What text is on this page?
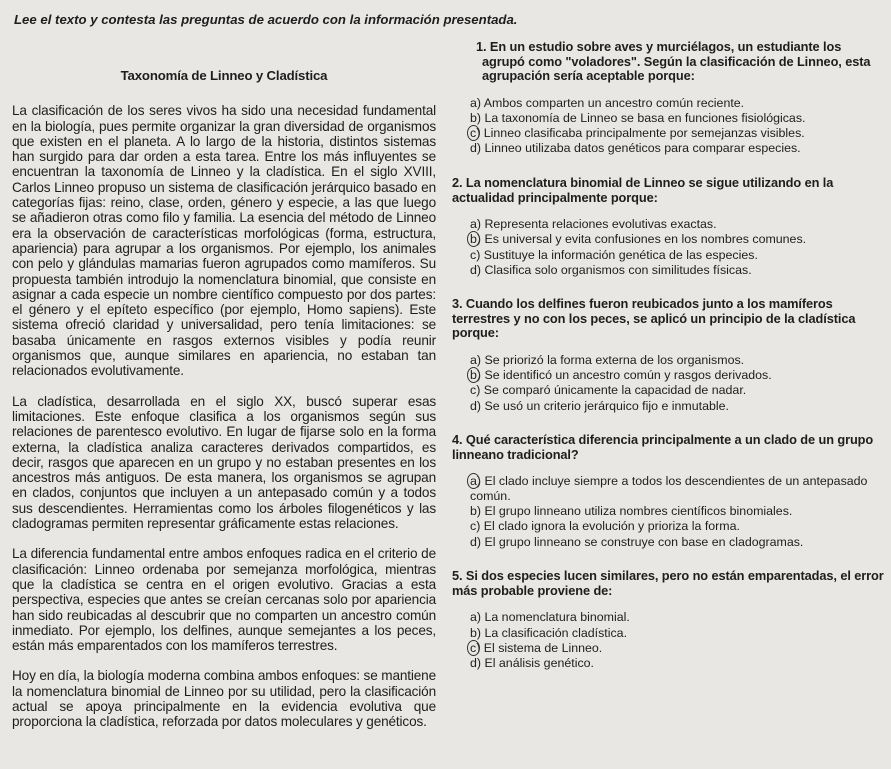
Lee el texto y contesta las preguntas de acuerdo con la información presentada.
Taxonomía de Linneo y Cladística

La clasificación de los seres vivos ha sido una necesidad fundamental en la biología, pues permite organizar la gran diversidad de organismos que existen en el planeta. A lo largo de la historia, distintos sistemas han surgido para dar orden a esta tarea. Entre los más influyentes se encuentran la taxonomía de Linneo y la cladística. En el siglo XVIII, Carlos Linneo propuso un sistema de clasificación jerárquico basado en categorías fijas: reino, clase, orden, género y especie, a las que luego se añadieron otras como filo y familia. La esencia del método de Linneo era la observación de características morfológicas (forma, estructura, apariencia) para agrupar a los organismos. Por ejemplo, los animales con pelo y glándulas mamarias fueron agrupados como mamíferos. Su propuesta también introdujo la nomenclatura binomial, que consiste en asignar a cada especie un nombre científico compuesto por dos partes: el género y el epíteto específico (por ejemplo, Homo sapiens). Este sistema ofreció claridad y universalidad, pero tenía limitaciones: se basaba únicamente en rasgos externos visibles y podía reunir organismos que, aunque similares en apariencia, no estaban tan relacionados evolutivamente.

La cladística, desarrollada en el siglo XX, buscó superar esas limitaciones. Este enfoque clasifica a los organismos según sus relaciones de parentesco evolutivo. En lugar de fijarse solo en la forma externa, la cladística analiza caracteres derivados compartidos, es decir, rasgos que aparecen en un grupo y no estaban presentes en los ancestros más antiguos. De esta manera, los organismos se agrupan en clados, conjuntos que incluyen a un antepasado común y a todos sus descendientes. Herramientas como los árboles filogenéticos y las cladogramas permiten representar gráficamente estas relaciones.

La diferencia fundamental entre ambos enfoques radica en el criterio de clasificación: Linneo ordenaba por semejanza morfológica, mientras que la cladística se centra en el origen evolutivo. Gracias a esta perspectiva, especies que antes se creían cercanas solo por apariencia han sido reubicadas al descubrir que no comparten un ancestro común inmediato. Por ejemplo, los delfines, aunque semejantes a los peces, están más emparentados con los mamíferos terrestres.

Hoy en día, la biología moderna combina ambos enfoques: se mantiene la nomenclatura binomial de Linneo por su utilidad, pero la clasificación actual se apoya principalmente en la evidencia evolutiva que proporciona la cladística, reforzada por datos moleculares y genéticos.

1. En un estudio sobre aves y murciélagos, un estudiante los agrupó como "voladores". Según la clasificación de Linneo, esta agrupación sería aceptable porque:
a) Ambos comparten un ancestro común reciente.
b) La taxonomía de Linneo se basa en funciones fisiológicas.
c) Linneo clasificaba principalmente por semejanzas visibles.
d) Linneo utilizaba datos genéticos para comparar especies.
2. La nomenclatura binomial de Linneo se sigue utilizando en la actualidad principalmente porque:
a) Representa relaciones evolutivas exactas.
b) Es universal y evita confusiones en los nombres comunes.
c) Sustituye la información genética de las especies.
d) Clasifica solo organismos con similitudes físicas.
3. Cuando los delfines fueron reubicados junto a los mamíferos terrestres y no con los peces, se aplicó un principio de la cladística porque:
a) Se priorizó la forma externa de los organismos.
b) Se identificó un ancestro común y rasgos derivados.
c) Se comparó únicamente la capacidad de nadar.
d) Se usó un criterio jerárquico fijo e inmutable.
4. Qué característica diferencia principalmente a un clado de un grupo linneano tradicional?
a) El clado incluye siempre a todos los descendientes de un antepasado común.
b) El grupo linneano utiliza nombres científicos binomiales.
c) El clado ignora la evolución y prioriza la forma.
d) El grupo linneano se construye con base en cladogramas.
5. Si dos especies lucen similares, pero no están emparentadas, el error más probable proviene de:
a) La nomenclatura binomial.
b) La clasificación cladística.
c) El sistema de Linneo.
d) El análisis genético.
